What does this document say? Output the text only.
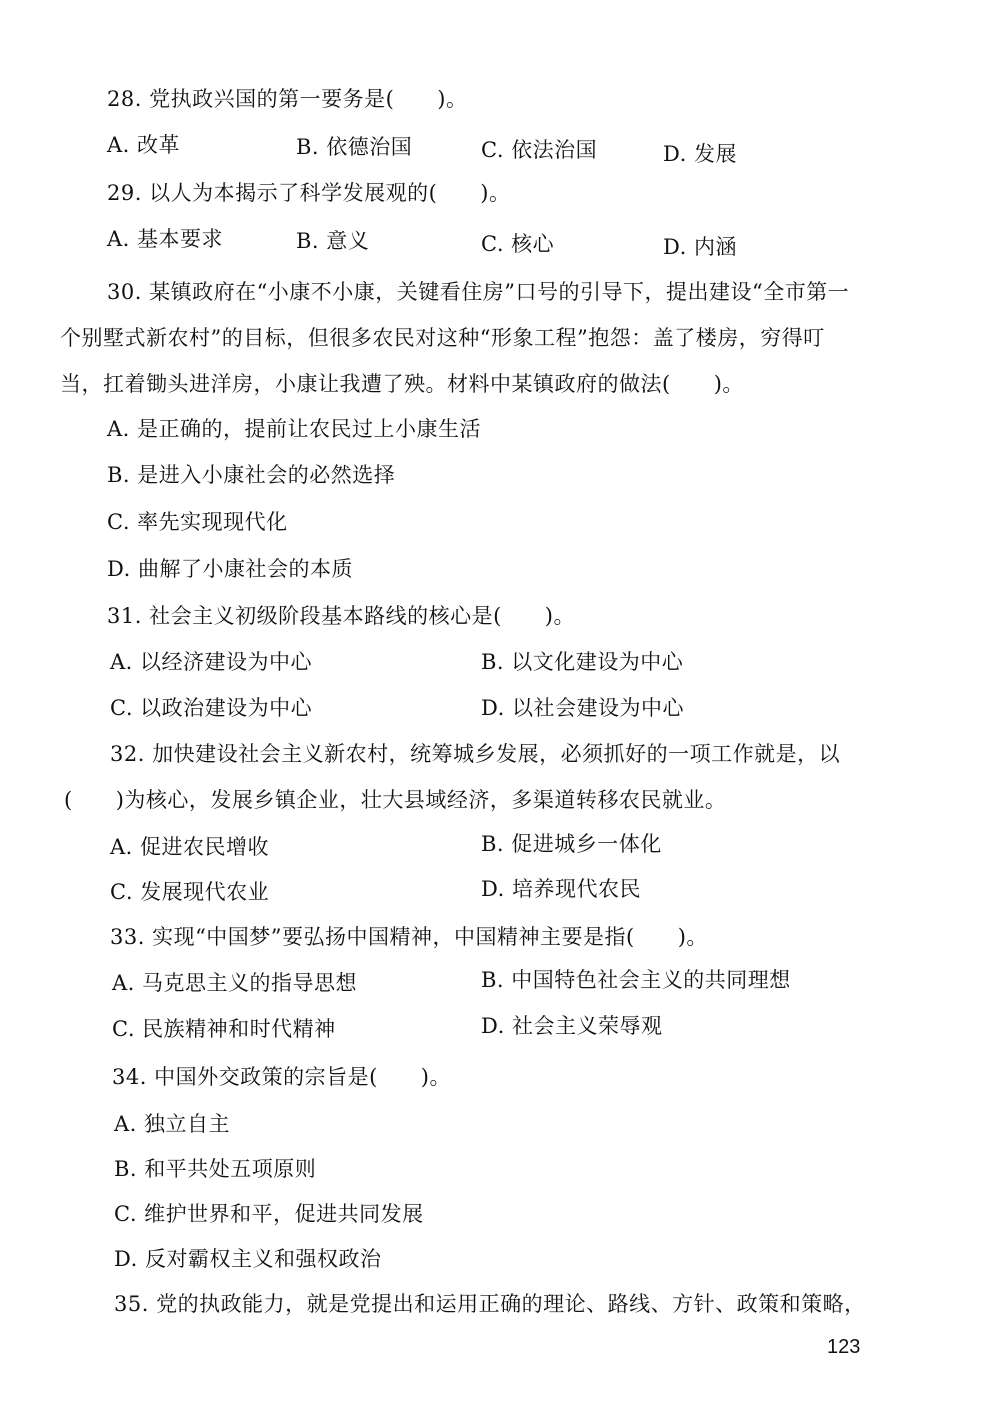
28. 党执政兴国的第一要务是(　　)。
A. 改革	B. 依德治国	C. 依法治国	D. 发展
29. 以人为本揭示了科学发展观的(　　)。
A. 基本要求	B. 意义	C. 核心	D. 内涵
30. 某镇政府在“小康不小康，关键看住房”口号的引导下，提出建设“全市第一
个别墅式新农村”的目标，但很多农民对这种“形象工程”抱怨：盖了楼房，穷得叮
当，扛着锄头进洋房，小康让我遭了殃。材料中某镇政府的做法(　　)。
A. 是正确的，提前让农民过上小康生活
B. 是进入小康社会的必然选择
C. 率先实现现代化
D. 曲解了小康社会的本质
31. 社会主义初级阶段基本路线的核心是(　　)。
A. 以经济建设为中心	B. 以文化建设为中心
C. 以政治建设为中心	D. 以社会建设为中心
32. 加快建设社会主义新农村，统筹城乡发展，必须抓好的一项工作就是，以
(　　)为核心，发展乡镇企业，壮大县域经济，多渠道转移农民就业。
A. 促进农民增收	B. 促进城乡一体化
C. 发展现代农业	D. 培养现代农民
33. 实现“中国梦”要弘扬中国精神，中国精神主要是指(　　)。
A. 马克思主义的指导思想	B. 中国特色社会主义的共同理想
C. 民族精神和时代精神	D. 社会主义荣辱观
34. 中国外交政策的宗旨是(　　)。
A. 独立自主
B. 和平共处五项原则
C. 维护世界和平，促进共同发展
D. 反对霸权主义和强权政治
35. 党的执政能力，就是党提出和运用正确的理论、路线、方针、政策和策略，
123
